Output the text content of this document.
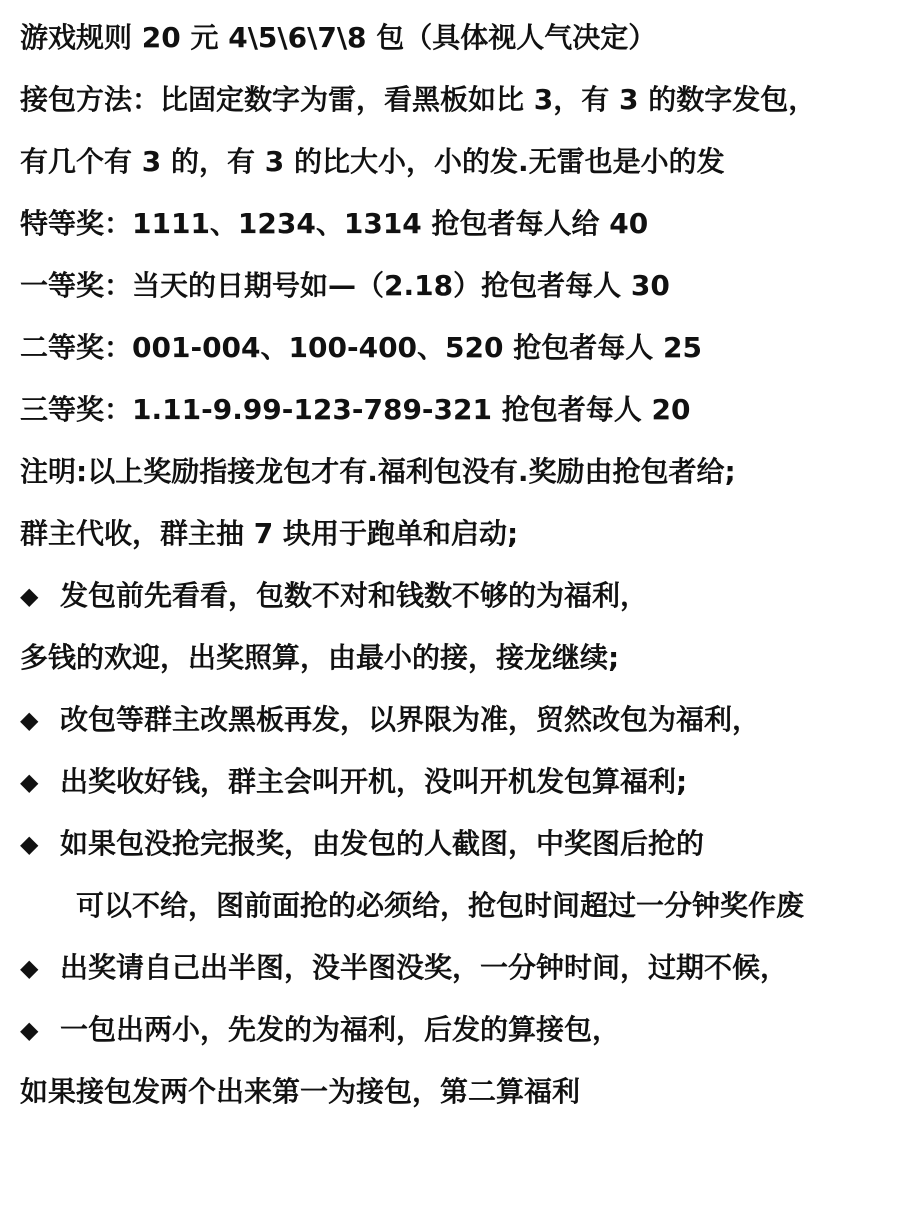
游戏规则 20 元 4\5\6\7\8 包（具体视人气决定）
接包方法：比固定数字为雷，看黑板如比 3，有 3 的数字发包，
有几个有 3 的，有 3 的比大小，小的发.无雷也是小的发
特等奖：1111、1234、1314 抢包者每人给 40
一等奖：当天的日期号如—（2.18）抢包者每人 30
二等奖：001-004、100-400、520 抢包者每人 25
三等奖：1.11-9.99-123-789-321 抢包者每人 20
注明:以上奖励指接龙包才有.福利包没有.奖励由抢包者给;
群主代收，群主抽 7 块用于跑单和启动;
◆ 发包前先看看，包数不对和钱数不够的为福利，
多钱的欢迎，出奖照算，由最小的接，接龙继续;
◆ 改包等群主改黑板再发，以界限为准，贸然改包为福利，
◆ 出奖收好钱，群主会叫开机，没叫开机发包算福利;
◆ 如果包没抢完报奖，由发包的人截图，中奖图后抢的
可以不给，图前面抢的必须给，抢包时间超过一分钟奖作废
◆ 出奖请自己出半图，没半图没奖，一分钟时间，过期不候，
◆ 一包出两小，先发的为福利，后发的算接包，
如果接包发两个出来第一为接包，第二算福利
